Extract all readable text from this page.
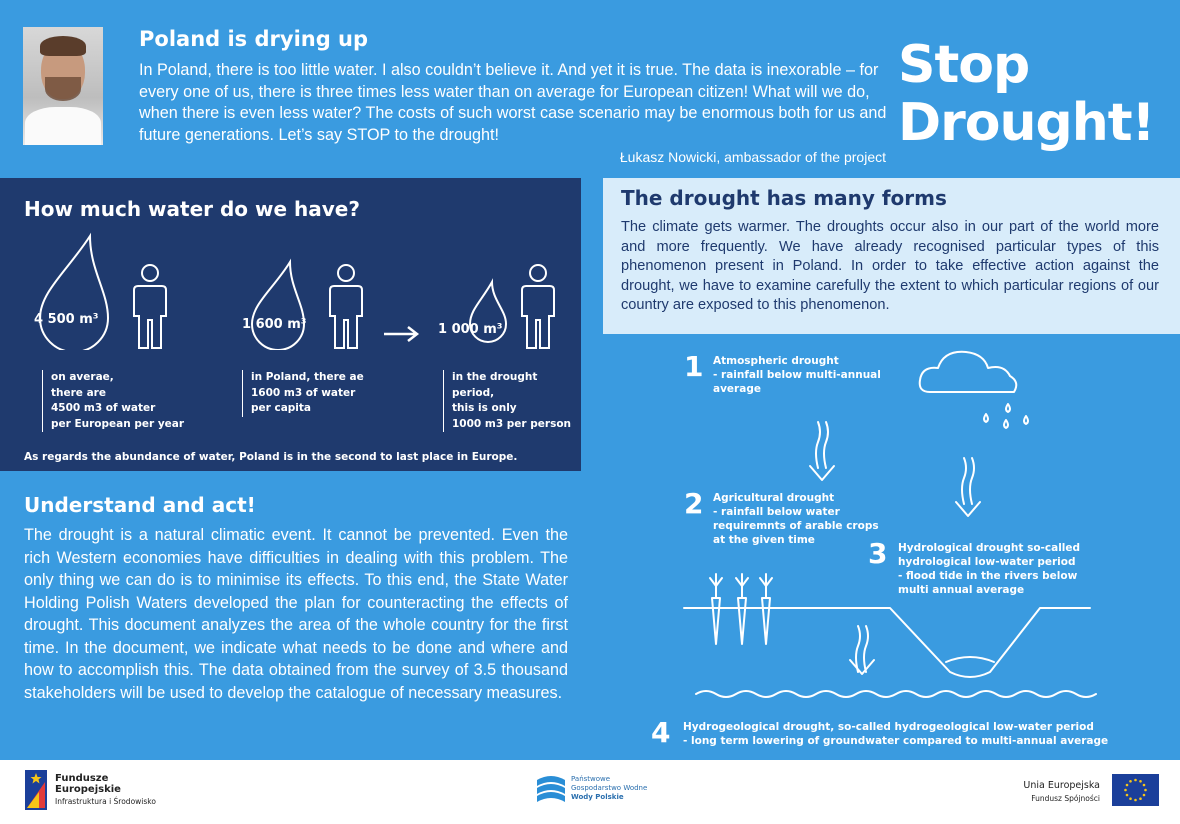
Poland is drying up
In Poland, there is too little water. I also couldn’t believe it. And yet it is true. The data is inexorable – for every one of us, there is three times less water than on average for European citizen! What will we do, when there is even less water? The costs of such worst case scenario may be enormous both for us and future generations. Let’s say STOP to the drought!
Łukasz Nowicki, ambassador of the project
Stop
Drought!
How much water do we have?
4 500 m³
on averae,
there are
4500 m3 of water
per European per year
1 600 m³
in Poland, there ae
1600 m3 of water
per capita
1 000 m³
in the drought period,
this is only
1000 m3 per person
As regards the abundance of water, Poland is in the second to last place in Europe.
Understand and act!
The drought is a natural climatic event. It cannot be prevented. Even the rich Western economies have difficulties in dealing with this problem. The only thing we can do is to minimise its effects. To this end, the State Water Holding Polish Waters developed the plan for counteracting the effects of drought. This document analyzes the area of the whole country for the first time. In the document, we indicate what needs to be done and where and how to accomplish this. The data obtained from the survey of 3.5 thousand stakeholders will be used to develop the catalogue of necessary measures.
The drought has many forms
The climate gets warmer. The droughts occur also in our part of the world more and more frequently. We have already recognised particular types of this phenomenon present in Poland. In order to take effective action against the drought, we have to examine carefully the extent to which particular regions of our country are exposed to this phenomenon.
1 Atmospheric drought
- rainfall below multi-annual
average
2 Agricultural drought
- rainfall below water
requiremnts of arable crops
at the given time	3 Hydrological drought so-called
hydrological low-water period
- flood tide in the rivers below
multi annual average
4 Hydrogeological drought, so-called hydrogeological low-water period
- long term lowering of groundwater compared to multi-annual average
Fundusze
Europejskie
Infrastruktura i Środowisko
Państwowe
Gospodarstwo Wodne
Wody Polskie
Unia Europejska
Fundusz Spójności
